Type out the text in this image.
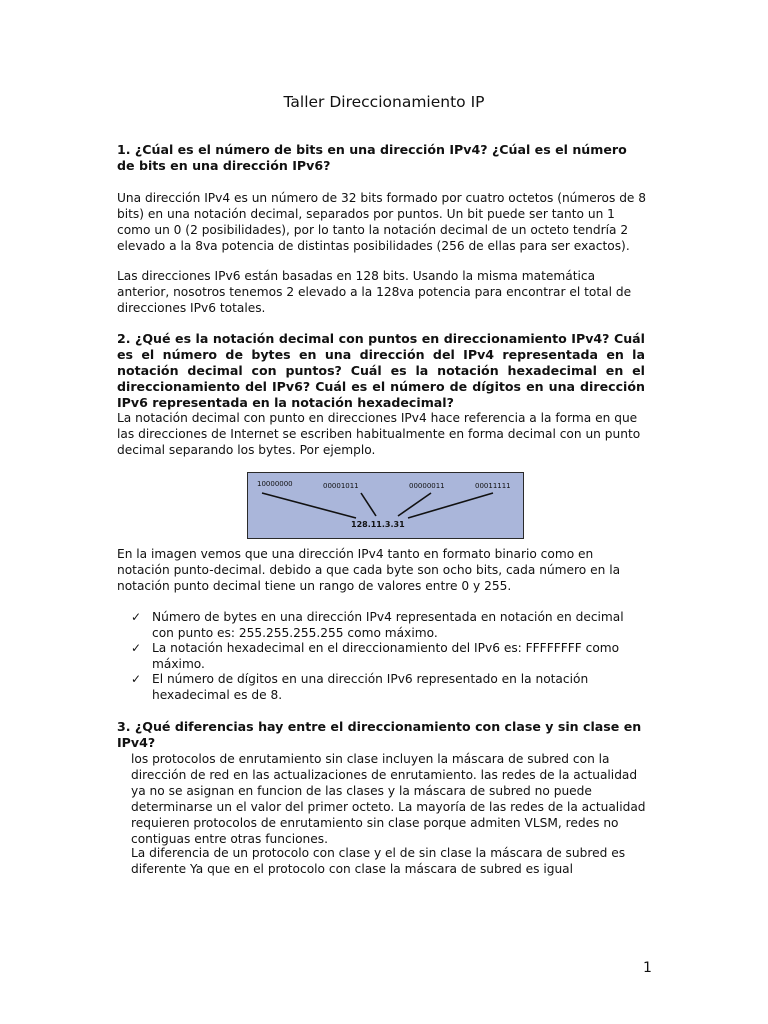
Taller Direccionamiento IP
1. ¿Cúal es el número de bits en una dirección IPv4? ¿Cúal es el número de bits en una dirección IPv6?
Una dirección IPv4 es un número de 32 bits formado por cuatro octetos (números de 8 bits) en una notación decimal, separados por puntos. Un bit puede ser tanto un 1 como un 0 (2 posibilidades), por lo tanto la notación decimal de un octeto tendría 2 elevado a la 8va potencia de distintas posibilidades (256 de ellas para ser exactos).
Las direcciones IPv6 están basadas en 128 bits. Usando la misma matemática anterior, nosotros tenemos 2 elevado a la 128va potencia para encontrar el total de direcciones IPv6 totales.
2. ¿Qué es la notación decimal con puntos en direccionamiento IPv4? Cuál es el número de bytes en una dirección del IPv4 representada en la notación decimal con puntos? Cuál es la notación hexadecimal en el direccionamiento del IPv6? Cuál es el número de dígitos en una dirección IPv6 representada en la notación hexadecimal?
La notación decimal con punto en direcciones IPv4 hace referencia a la forma en que las direcciones de Internet se escriben habitualmente en forma decimal con un punto decimal separando los bytes. Por ejemplo.
10000000	00001011	00000011	00011111
128.11.3.31
En la imagen vemos que una dirección IPv4 tanto en formato binario como en notación punto-decimal. debido a que cada byte son ocho bits, cada número en la notación punto decimal tiene un rango de valores entre 0 y 255.
✓ Número de bytes en una dirección IPv4 representada en notación en decimal con punto es: 255.255.255.255 como máximo.
✓ La notación hexadecimal en el direccionamiento del IPv6 es: FFFFFFFF como máximo.
✓ El número de dígitos en una dirección IPv6 representado en la notación hexadecimal es de 8.
3. ¿Qué diferencias hay entre el direccionamiento con clase y sin clase en IPv4?
los protocolos de enrutamiento sin clase incluyen la máscara de subred con la dirección de red en las actualizaciones de enrutamiento. las redes de la actualidad ya no se asignan en funcion de las clases y la máscara de subred no puede determinarse un el valor del primer octeto. La mayoría de las redes de la actualidad requieren protocolos de enrutamiento sin clase porque admiten VLSM, redes no contiguas entre otras funciones.
La diferencia de un protocolo con clase y el de sin clase la máscara de subred es diferente Ya que en el protocolo con clase la máscara de subred es igual
1
